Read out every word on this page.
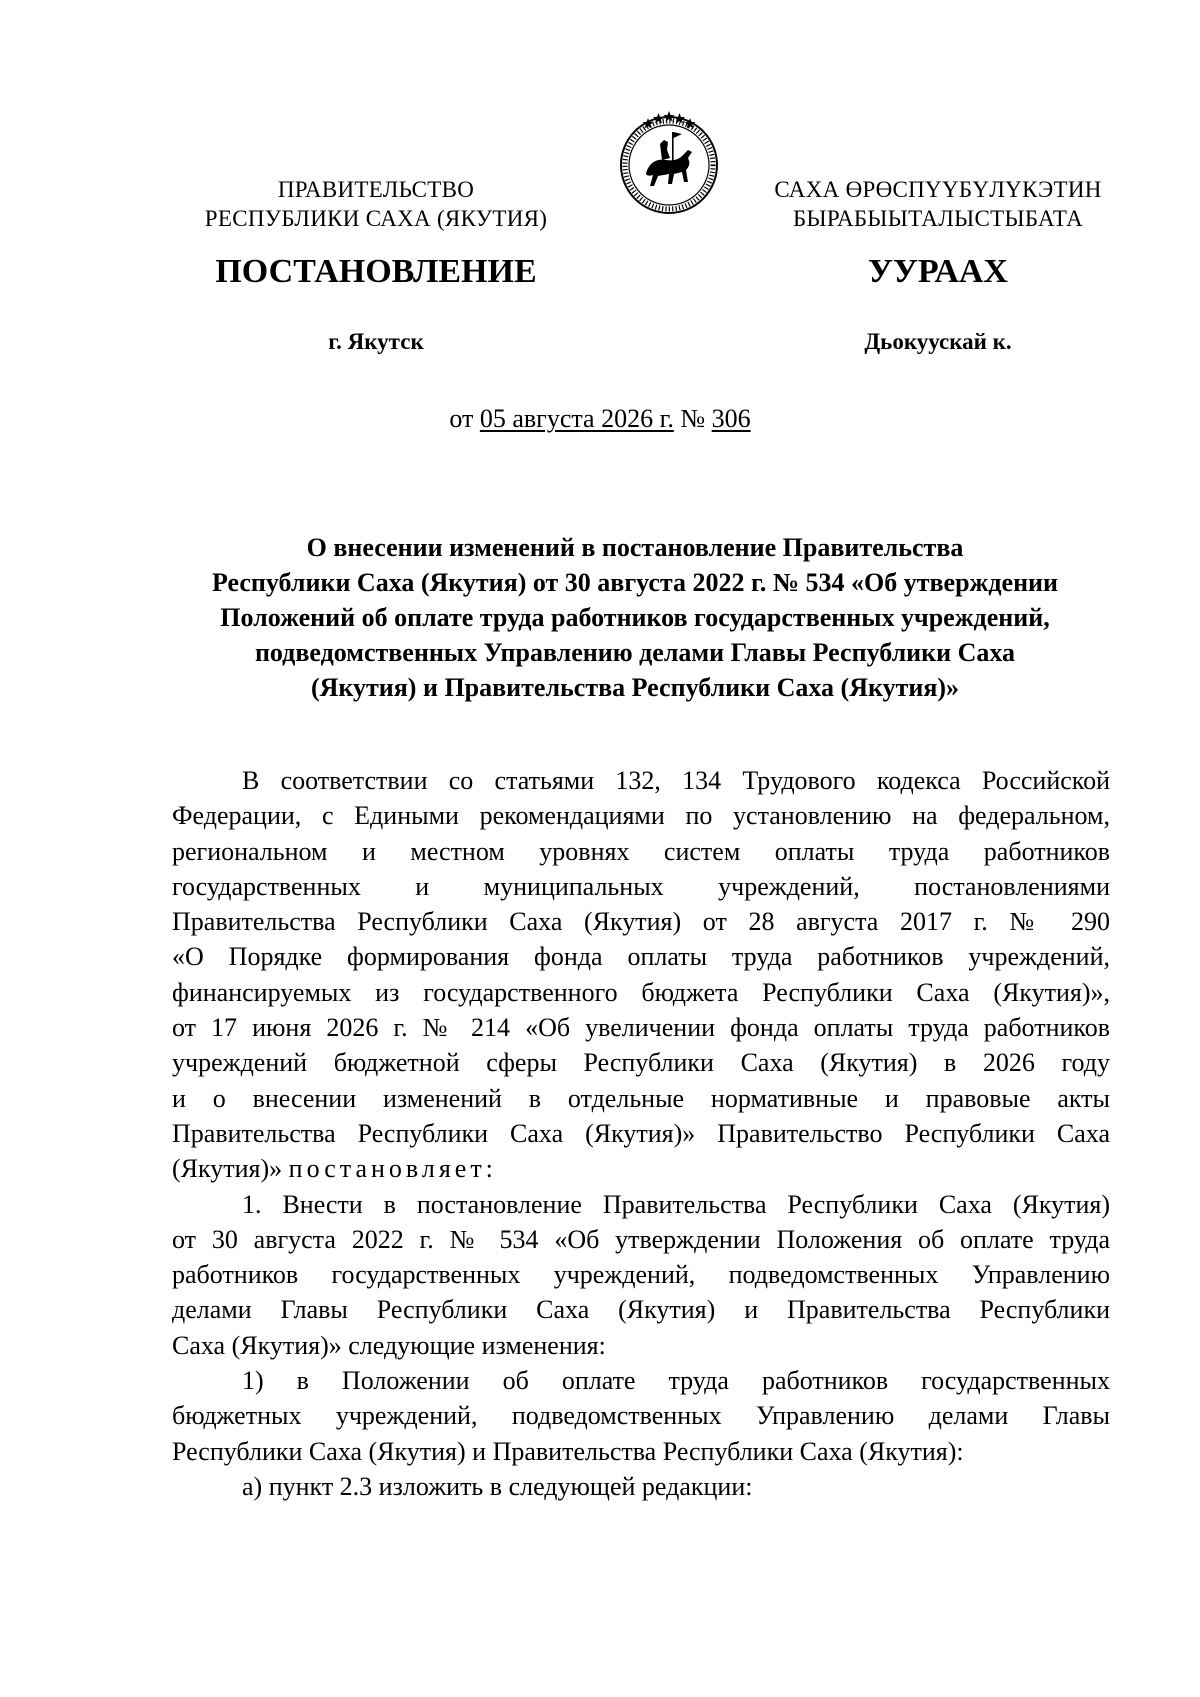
ПРАВИТЕЛЬСТВО
РЕСПУБЛИКИ САХА (ЯКУТИЯ)
САХА ӨРӨСПҮҮБҮЛҮКЭТИН
БЫРАБЫЫТАЛЫСТЫБАТА
ПОСТАНОВЛЕНИЕ	УУРААХ
г. Якутск	Дьокуускай к.
от 05 августа 2026 г. № 306
О внесении изменений в постановление Правительства
Республики Саха (Якутия) от 30 августа 2022 г. № 534 «Об утверждении
Положений об оплате труда работников государственных учреждений,
подведомственных Управлению делами Главы Республики Саха
(Якутия) и Правительства Республики Саха (Якутия)»
В соответствии со статьями 132, 134 Трудового кодекса Российской
Федерации, с Едиными рекомендациями по установлению на федеральном,
региональном и местном уровнях систем оплаты труда работников
государственных и муниципальных учреждений, постановлениями
Правительства Республики Саха (Якутия) от 28 августа 2017 г. № 290
«О Порядке формирования фонда оплаты труда работников учреждений,
финансируемых из государственного бюджета Республики Саха (Якутия)»,
от 17 июня 2026 г. № 214 «Об увеличении фонда оплаты труда работников
учреждений бюджетной сферы Республики Саха (Якутия) в 2026 году
и о внесении изменений в отдельные нормативные и правовые акты
Правительства Республики Саха (Якутия)» Правительство Республики Саха
(Якутия)» постановляет:
1. Внести в постановление Правительства Республики Саха (Якутия)
от 30 августа 2022 г. № 534 «Об утверждении Положения об оплате труда
работников государственных учреждений, подведомственных Управлению
делами Главы Республики Саха (Якутия) и Правительства Республики
Саха (Якутия)» следующие изменения:
1) в Положении об оплате труда работников государственных
бюджетных учреждений, подведомственных Управлению делами Главы
Республики Саха (Якутия) и Правительства Республики Саха (Якутия):
а) пункт 2.3 изложить в следующей редакции:
